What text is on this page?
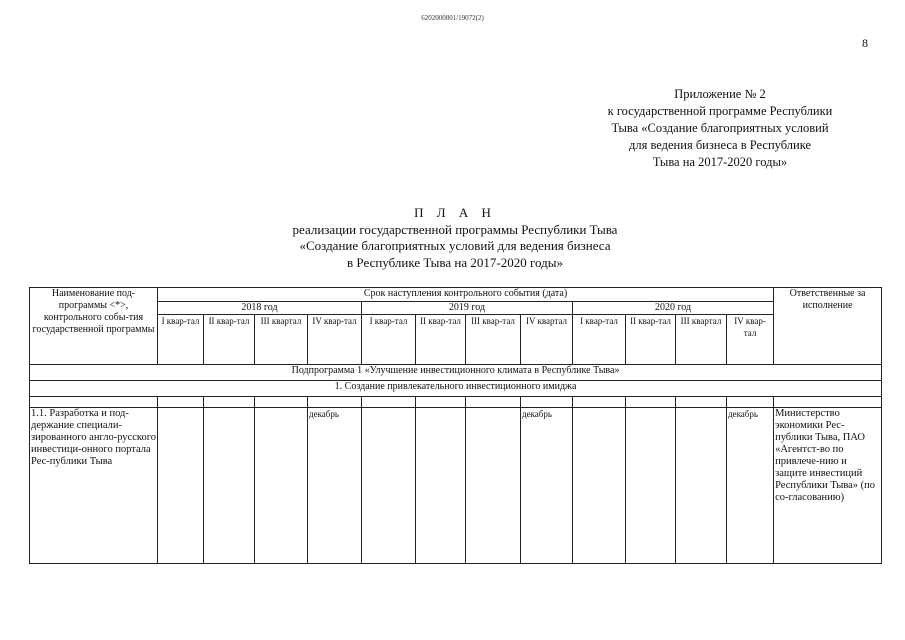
6202000801/19072(2)
8
Приложение № 2
к государственной программе Республики
Тыва «Создание благоприятных условий
для ведения бизнеса в Республике
Тыва на 2017-2020 годы»
П Л А Н
реализации государственной программы Республики Тыва
«Создание благоприятных условий для ведения бизнеса
в Республике Тыва на 2017-2020 годы»
Наименование под-программы <*>, контрольного собы-тия государственной программы	Срок наступления контрольного события (дата)												Ответственные за исполнение
	2018 год				2019 год				2020 год				
	I квар-тал	II квар-тал	III квартал	IV квар-тал	I квар-тал	II квар-тал	III квар-тал	IV квартал	I квар-тал	II квар-тал	III квартал	IV квар-тал	
Подпрограмма 1 «Улучшение инвестиционного климата в Республике Тыва»													
1. Создание привлекательного инвестиционного имиджа													

1.1. Разработка и под-держание специали-зированного англо-русского инвестици-онного портала Рес-публики Тыва				декабрь				декабрь				декабрь	Министерство экономики Рес-публики Тыва, ПАО «Агентст-во по привлече-нию и защите инвестиций Республики Тыва» (по со-гласованию)
